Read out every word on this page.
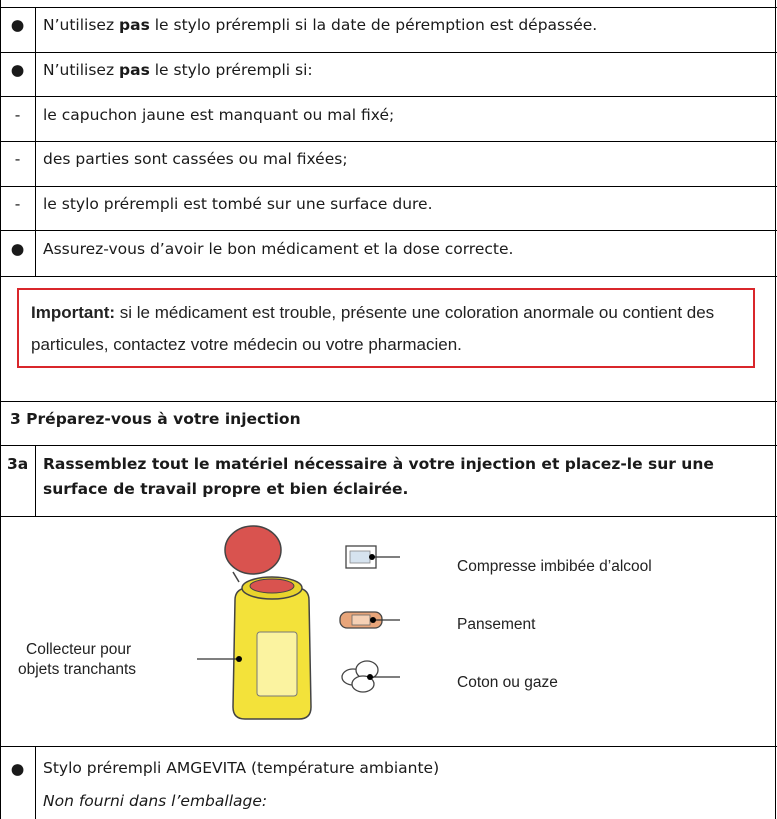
●	N’utilisez pas le stylo prérempli si la date de péremption est dépassée.
●	N’utilisez pas le stylo prérempli si:
-	le capuchon jaune est manquant ou mal fixé;
-	des parties sont cassées ou mal fixées;
-	le stylo prérempli est tombé sur une surface dure.
●	Assurez-vous d’avoir le bon médicament et la dose correcte.
Important: si le médicament est trouble, présente une coloration anormale ou contient des particules, contactez votre médecin ou votre pharmacien.
3 Préparez-vous à votre injection
3a Rassemblez tout le matériel nécessaire à votre injection et placez-le sur une surface de travail propre et bien éclairée.
Collecteur pour
objets tranchants
Compresse imbibée d’alcool
Pansement
Coton ou gaze
●	Stylo prérempli AMGEVITA (température ambiante)
Non fourni dans l’emballage:
